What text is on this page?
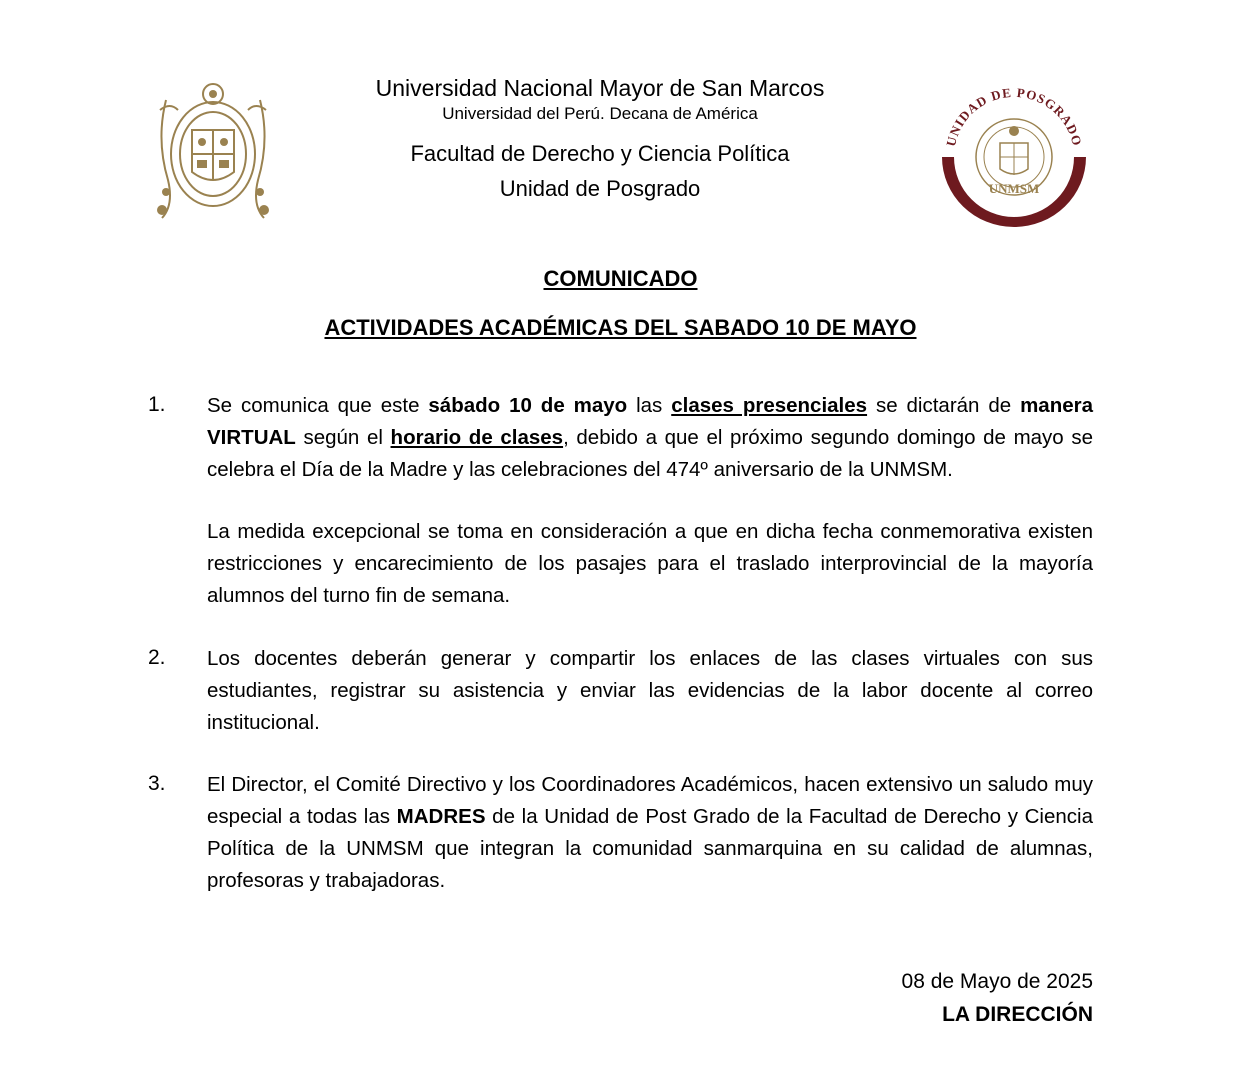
Universidad Nacional Mayor de San Marcos
Universidad del Perú. Decana de América
Facultad de Derecho y Ciencia Política
Unidad de Posgrado
UNIDAD DE POSGRADO
Facultad de Derecho y Ciencia Política
UNMSM
COMUNICADO
ACTIVIDADES ACADÉMICAS DEL SABADO 10 DE MAYO
1. Se comunica que este sábado 10 de mayo las clases presenciales se dictarán de manera VIRTUAL según el horario de clases, debido a que el próximo segundo domingo de mayo se celebra el Día de la Madre y las celebraciones del 474º aniversario de la UNMSM.
La medida excepcional se toma en consideración a que en dicha fecha conmemorativa existen restricciones y encarecimiento de los pasajes para el traslado interprovincial de la mayoría alumnos del turno fin de semana.
2. Los docentes deberán generar y compartir los enlaces de las clases virtuales con sus estudiantes, registrar su asistencia y enviar las evidencias de la labor docente al correo institucional.
3. El Director, el Comité Directivo y los Coordinadores Académicos, hacen extensivo un saludo muy especial a todas las MADRES de la Unidad de Post Grado de la Facultad de Derecho y Ciencia Política de la UNMSM que integran la comunidad sanmarquina en su calidad de alumnas, profesoras y trabajadoras.
08 de Mayo de 2025
LA DIRECCIÓN
